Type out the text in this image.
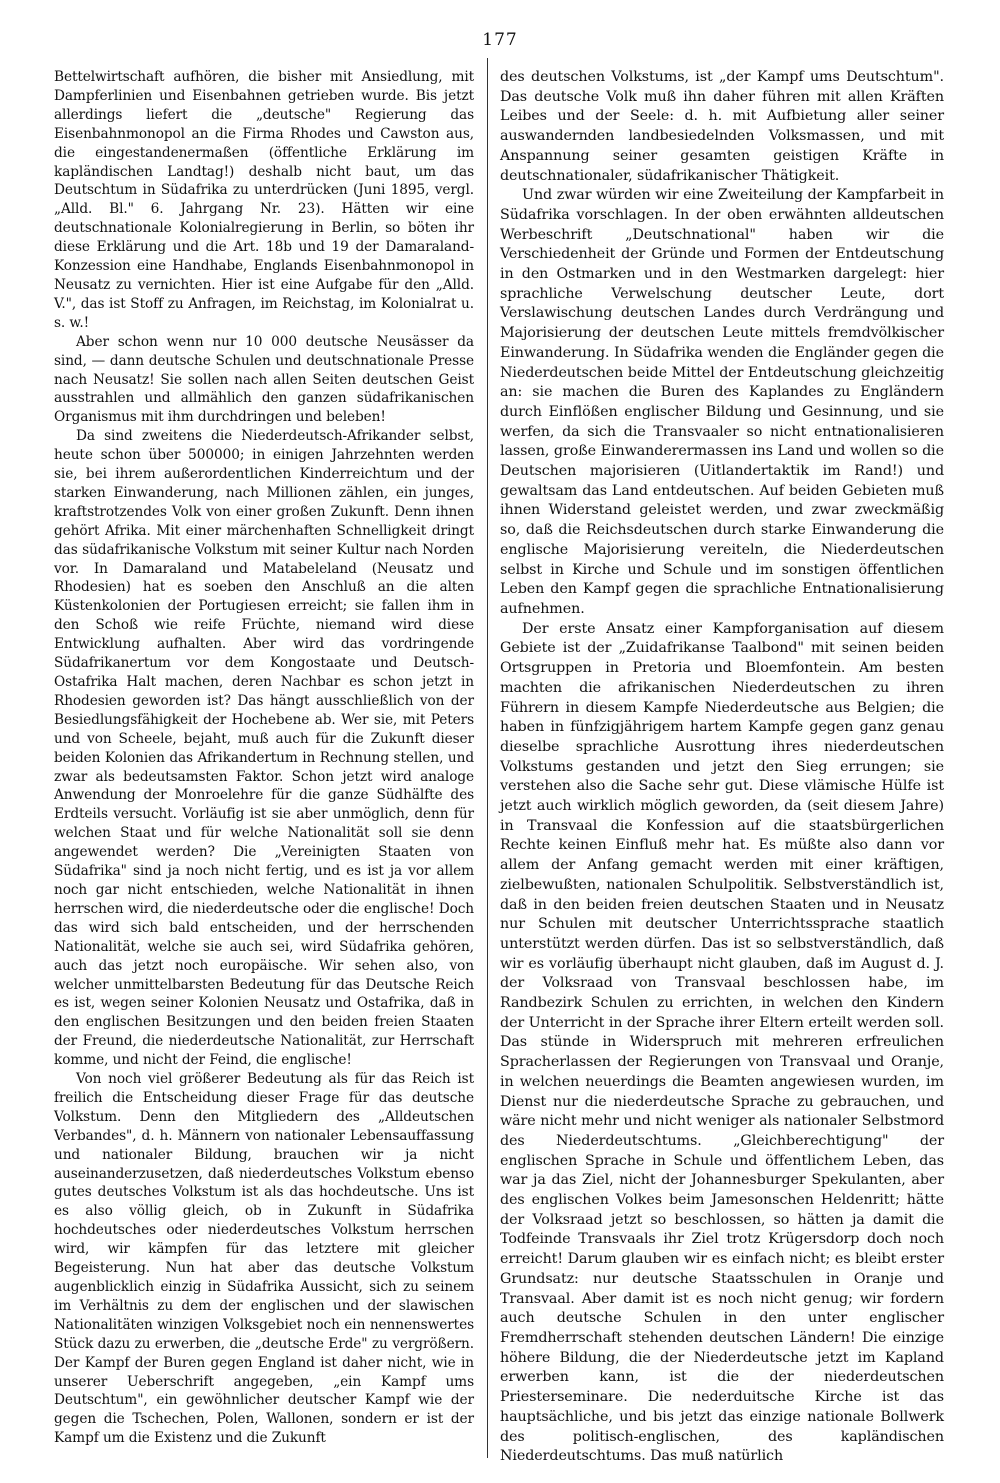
177

Bettelwirtschaft aufhören, die bisher mit Ansiedlung, mit Dampferlinien und Eisenbahnen getrieben wurde. Bis jetzt allerdings liefert die „deutsche" Regierung das Eisenbahnmonopol an die Firma Rhodes und Cawston aus, die eingestandenermaßen (öffentliche Erklärung im kapländischen Landtag!) deshalb nicht baut, um das Deutschtum in Südafrika zu unterdrücken (Juni 1895, vergl. „Alld. Bl." 6. Jahrgang Nr. 23). Hätten wir eine deutschnationale Kolonialregierung in Berlin, so böten ihr diese Erklärung und die Art. 18b und 19 der Damaraland-Konzession eine Handhabe, Englands Eisenbahnmonopol in Neusatz zu vernichten. Hier ist eine Aufgabe für den „Alld. V.", das ist Stoff zu Anfragen, im Reichstag, im Kolonialrat u. s. w.!

Aber schon wenn nur 10 000 deutsche Neusässer da sind, — dann deutsche Schulen und deutschnationale Presse nach Neusatz! Sie sollen nach allen Seiten deutschen Geist ausstrahlen und allmählich den ganzen südafrikanischen Organismus mit ihm durchdringen und beleben!

Da sind zweitens die Niederdeutsch-Afrikander selbst, heute schon über 500000; in einigen Jahrzehnten werden sie, bei ihrem außerordentlichen Kinderreichtum und der starken Einwanderung, nach Millionen zählen, ein junges, kraftstrotzendes Volk von einer großen Zukunft. Denn ihnen gehört Afrika. Mit einer märchenhaften Schnelligkeit dringt das südafrikanische Volkstum mit seiner Kultur nach Norden vor. In Damaraland und Matabeleland (Neusatz und Rhodesien) hat es soeben den Anschluß an die alten Küstenkolonien der Portugiesen erreicht; sie fallen ihm in den Schoß wie reife Früchte, niemand wird diese Entwicklung aufhalten. Aber wird das vordringende Südafrikanertum vor dem Kongostaate und Deutsch-Ostafrika Halt machen, deren Nachbar es schon jetzt in Rhodesien geworden ist? Das hängt ausschließlich von der Besiedlungsfähigkeit der Hochebene ab. Wer sie, mit Peters und von Scheele, bejaht, muß auch für die Zukunft dieser beiden Kolonien das Afrikandertum in Rechnung stellen, und zwar als bedeutsamsten Faktor. Schon jetzt wird analoge Anwendung der Monroelehre für die ganze Südhälfte des Erdteils versucht. Vorläufig ist sie aber unmöglich, denn für welchen Staat und für welche Nationalität soll sie denn angewendet werden? Die „Vereinigten Staaten von Südafrika" sind ja noch nicht fertig, und es ist ja vor allem noch gar nicht entschieden, welche Nationalität in ihnen herrschen wird, die niederdeutsche oder die englische! Doch das wird sich bald entscheiden, und der herrschenden Nationalität, welche sie auch sei, wird Südafrika gehören, auch das jetzt noch europäische. Wir sehen also, von welcher unmittelbarsten Bedeutung für das Deutsche Reich es ist, wegen seiner Kolonien Neusatz und Ostafrika, daß in den englischen Besitzungen und den beiden freien Staaten der Freund, die niederdeutsche Nationalität, zur Herrschaft komme, und nicht der Feind, die englische!

Von noch viel größerer Bedeutung als für das Reich ist freilich die Entscheidung dieser Frage für das deutsche Volkstum. Denn den Mitgliedern des „Alldeutschen Verbandes", d. h. Männern von nationaler Lebensauffassung und nationaler Bildung, brauchen wir ja nicht auseinanderzusetzen, daß niederdeutsches Volkstum ebenso gutes deutsches Volkstum ist als das hochdeutsche. Uns ist es also völlig gleich, ob in Zukunft in Südafrika hochdeutsches oder niederdeutsches Volkstum herrschen wird, wir kämpfen für das letztere mit gleicher Begeisterung. Nun hat aber das deutsche Volkstum augenblicklich einzig in Südafrika Aussicht, sich zu seinem im Verhältnis zu dem der englischen und der slawischen Nationalitäten winzigen Volksgebiet noch ein nennenswertes Stück dazu zu erwerben, die „deutsche Erde" zu vergrößern. Der Kampf der Buren gegen England ist daher nicht, wie in unserer Ueberschrift angegeben, „ein Kampf ums Deutschtum", ein gewöhnlicher deutscher Kampf wie der gegen die Tschechen, Polen, Wallonen, sondern er ist der Kampf um die Existenz und die Zukunft

des deutschen Volkstums, ist „der Kampf ums Deutschtum". Das deutsche Volk muß ihn daher führen mit allen Kräften Leibes und der Seele: d. h. mit Aufbietung aller seiner auswandernden landbesiedelnden Volksmassen, und mit Anspannung seiner gesamten geistigen Kräfte in deutschnationaler, südafrikanischer Thätigkeit.

Und zwar würden wir eine Zweiteilung der Kampfarbeit in Südafrika vorschlagen. In der oben erwähnten alldeutschen Werbeschrift „Deutschnational" haben wir die Verschiedenheit der Gründe und Formen der Entdeutschung in den Ostmarken und in den Westmarken dargelegt: hier sprachliche Verwelschung deutscher Leute, dort Verslawischung deutschen Landes durch Verdrängung und Majorisierung der deutschen Leute mittels fremdvölkischer Einwanderung. In Südafrika wenden die Engländer gegen die Niederdeutschen beide Mittel der Entdeutschung gleichzeitig an: sie machen die Buren des Kaplandes zu Engländern durch Einflößen englischer Bildung und Gesinnung, und sie werfen, da sich die Transvaaler so nicht entnationalisieren lassen, große Einwanderermassen ins Land und wollen so die Deutschen majorisieren (Uitlandertaktik im Rand!) und gewaltsam das Land entdeutschen. Auf beiden Gebieten muß ihnen Widerstand geleistet werden, und zwar zweckmäßig so, daß die Reichsdeutschen durch starke Einwanderung die englische Majorisierung vereiteln, die Niederdeutschen selbst in Kirche und Schule und im sonstigen öffentlichen Leben den Kampf gegen die sprachliche Entnationalisierung aufnehmen.

Der erste Ansatz einer Kampforganisation auf diesem Gebiete ist der „Zuidafrikanse Taalbond" mit seinen beiden Ortsgruppen in Pretoria und Bloemfontein. Am besten machten die afrikanischen Niederdeutschen zu ihren Führern in diesem Kampfe Niederdeutsche aus Belgien; die haben in fünfzigjährigem hartem Kampfe gegen ganz genau dieselbe sprachliche Ausrottung ihres niederdeutschen Volkstums gestanden und jetzt den Sieg errungen; sie verstehen also die Sache sehr gut. Diese vlämische Hülfe ist jetzt auch wirklich möglich geworden, da (seit diesem Jahre) in Transvaal die Konfession auf die staatsbürgerlichen Rechte keinen Einfluß mehr hat. Es müßte also dann vor allem der Anfang gemacht werden mit einer kräftigen, zielbewußten, nationalen Schulpolitik. Selbstverständlich ist, daß in den beiden freien deutschen Staaten und in Neusatz nur Schulen mit deutscher Unterrichtssprache staatlich unterstützt werden dürfen. Das ist so selbstverständlich, daß wir es vorläufig überhaupt nicht glauben, daß im August d. J. der Volksraad von Transvaal beschlossen habe, im Randbezirk Schulen zu errichten, in welchen den Kindern der Unterricht in der Sprache ihrer Eltern erteilt werden soll. Das stünde in Widerspruch mit mehreren erfreulichen Spracherlassen der Regierungen von Transvaal und Oranje, in welchen neuerdings die Beamten angewiesen wurden, im Dienst nur die niederdeutsche Sprache zu gebrauchen, und wäre nicht mehr und nicht weniger als nationaler Selbstmord des Niederdeutschtums. „Gleichberechtigung" der englischen Sprache in Schule und öffentlichem Leben, das war ja das Ziel, nicht der Johannesburger Spekulanten, aber des englischen Volkes beim Jamesonschen Heldenritt; hätte der Volksraad jetzt so beschlossen, so hätten ja damit die Todfeinde Transvaals ihr Ziel trotz Krügersdorp doch noch erreicht! Darum glauben wir es einfach nicht; es bleibt erster Grundsatz: nur deutsche Staatsschulen in Oranje und Transvaal. Aber damit ist es noch nicht genug; wir fordern auch deutsche Schulen in den unter englischer Fremdherrschaft stehenden deutschen Ländern! Die einzige höhere Bildung, die der Niederdeutsche jetzt im Kapland erwerben kann, ist die der niederdeutschen Priesterseminare. Die nederduitsche Kirche ist das hauptsächliche, und bis jetzt das einzige nationale Bollwerk des politisch-englischen, des kapländischen Niederdeutschtums. Das muß natürlich
